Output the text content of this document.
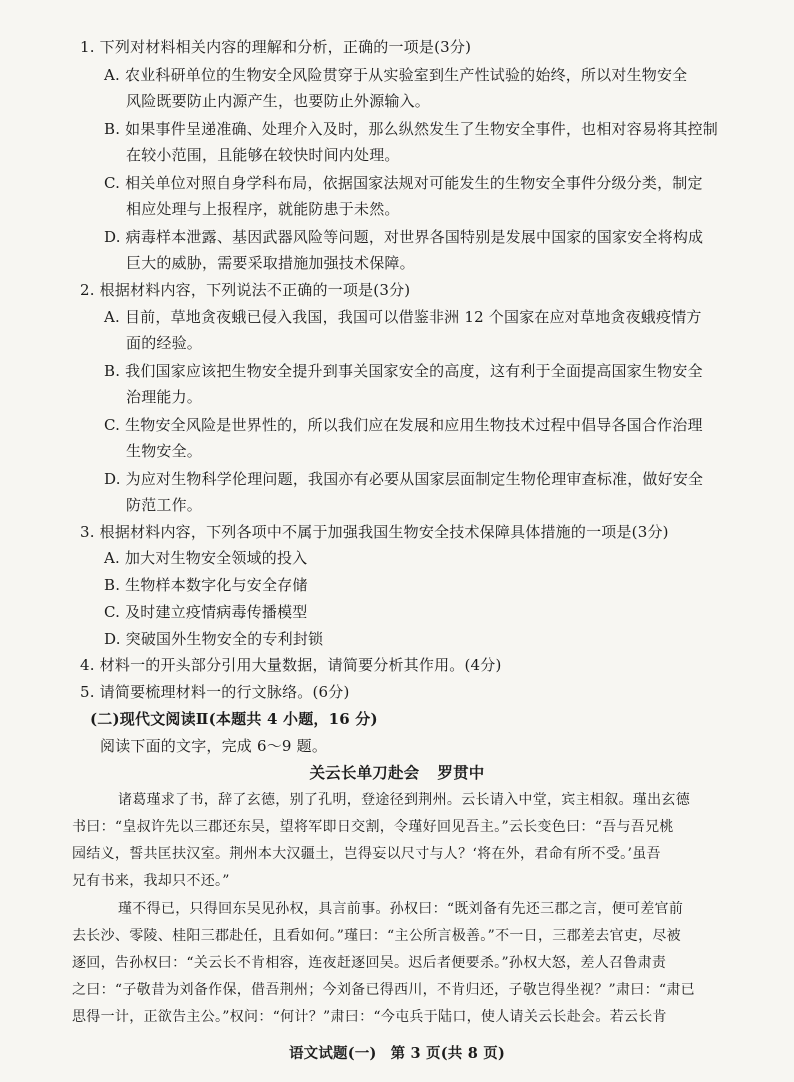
1. 下列对材料相关内容的理解和分析，正确的一项是(3分)
A. 农业科研单位的生物安全风险贯穿于从实验室到生产性试验的始终，所以对生物安全
风险既要防止内源产生，也要防止外源输入。
B. 如果事件呈递准确、处理介入及时，那么纵然发生了生物安全事件，也相对容易将其控制
在较小范围，且能够在较快时间内处理。
C. 相关单位对照自身学科布局，依据国家法规对可能发生的生物安全事件分级分类，制定
相应处理与上报程序，就能防患于未然。
D. 病毒样本泄露、基因武器风险等问题，对世界各国特别是发展中国家的国家安全将构成
巨大的威胁，需要采取措施加强技术保障。
2. 根据材料内容，下列说法不正确的一项是(3分)
A. 目前，草地贪夜蛾已侵入我国，我国可以借鉴非洲 12 个国家在应对草地贪夜蛾疫情方
面的经验。
B. 我们国家应该把生物安全提升到事关国家安全的高度，这有利于全面提高国家生物安全
治理能力。
C. 生物安全风险是世界性的，所以我们应在发展和应用生物技术过程中倡导各国合作治理
生物安全。
D. 为应对生物科学伦理问题，我国亦有必要从国家层面制定生物伦理审查标准，做好安全
防范工作。
3. 根据材料内容，下列各项中不属于加强我国生物安全技术保障具体措施的一项是(3分)
A. 加大对生物安全领域的投入
B. 生物样本数字化与安全存储
C. 及时建立疫情病毒传播模型
D. 突破国外生物安全的专利封锁
4. 材料一的开头部分引用大量数据，请简要分析其作用。(4分)
5. 请简要梳理材料一的行文脉络。(6分)
(二)现代文阅读Ⅱ(本题共 4 小题，16 分)
阅读下面的文字，完成 6～9 题。
关云长单刀赴会 罗贯中
诸葛瑾求了书，辞了玄德，别了孔明，登途径到荆州。云长请入中堂，宾主相叙。瑾出玄德
书曰：“皇叔许先以三郡还东吴，望将军即日交割，令瑾好回见吾主。”云长变色曰：“吾与吾兄桃
园结义，誓共匡扶汉室。荆州本大汉疆土，岂得妄以尺寸与人？‘将在外，君命有所不受。’虽吾
兄有书来，我却只不还。”
瑾不得已，只得回东吴见孙权，具言前事。孙权曰：“既刘备有先还三郡之言，便可差官前
去长沙、零陵、桂阳三郡赴任，且看如何。”瑾曰：“主公所言极善。”不一日，三郡差去官吏，尽被
逐回，告孙权曰：“关云长不肯相容，连夜赶逐回吴。迟后者便要杀。”孙权大怒，差人召鲁肃责
之曰：“子敬昔为刘备作保，借吾荆州；今刘备已得西川，不肯归还，子敬岂得坐视？”肃曰：“肃已
思得一计，正欲告主公。”权问：“何计？”肃曰：“今屯兵于陆口，使人请关云长赴会。若云长肯
语文试题(一) 第 3 页(共 8 页)
